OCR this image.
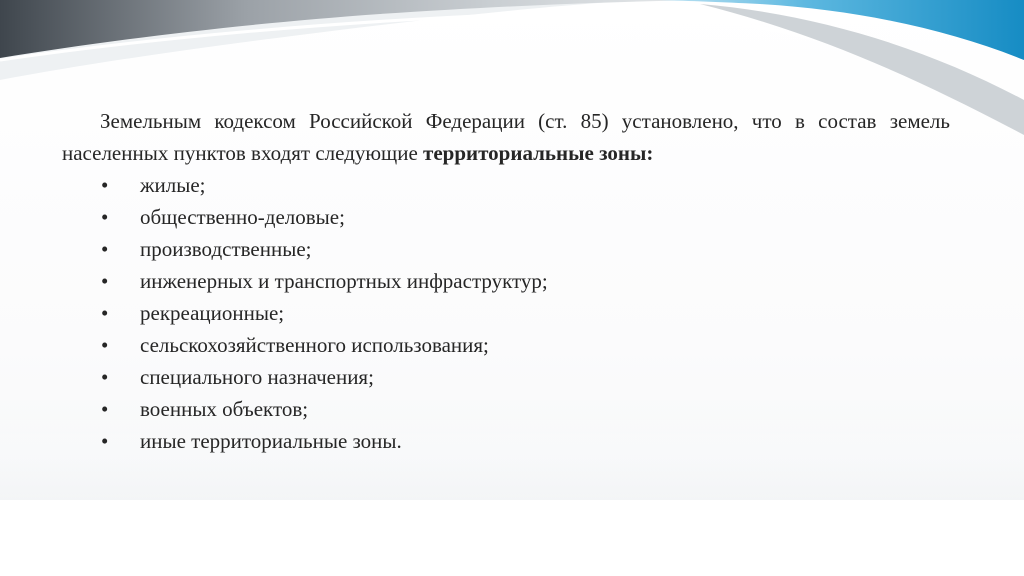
Земельным кодексом Российской Федерации (ст. 85) установлено, что в состав земель населенных пунктов входят следующие территориальные зоны:

• жилые;
• общественно-деловые;
• производственные;
• инженерных и транспортных инфраструктур;
• рекреационные;
• сельскохозяйственного использования;
• специального назначения;
• военных объектов;
• иные территориальные зоны.
